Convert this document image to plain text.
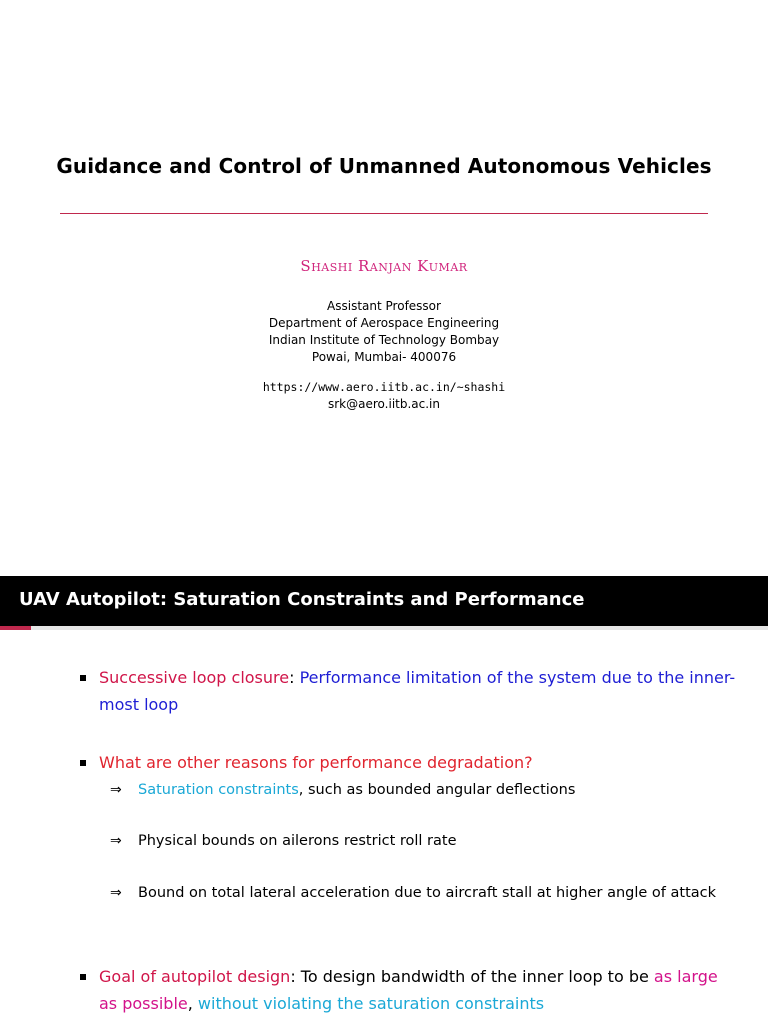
Guidance and Control of Unmanned Autonomous Vehicles
Shashi Ranjan Kumar
Assistant Professor
Department of Aerospace Engineering
Indian Institute of Technology Bombay
Powai, Mumbai- 400076
https://www.aero.iitb.ac.in/~shashi
srk@aero.iitb.ac.in
UAV Autopilot: Saturation Constraints and Performance
Successive loop closure: Performance limitation of the system due to the inner-most loop
What are other reasons for performance degradation?
⇒ Saturation constraints, such as bounded angular deflections
⇒ Physical bounds on ailerons restrict roll rate
⇒ Bound on total lateral acceleration due to aircraft stall at higher angle of attack
Goal of autopilot design: To design bandwidth of the inner loop to be as large as possible, without violating the saturation constraints
